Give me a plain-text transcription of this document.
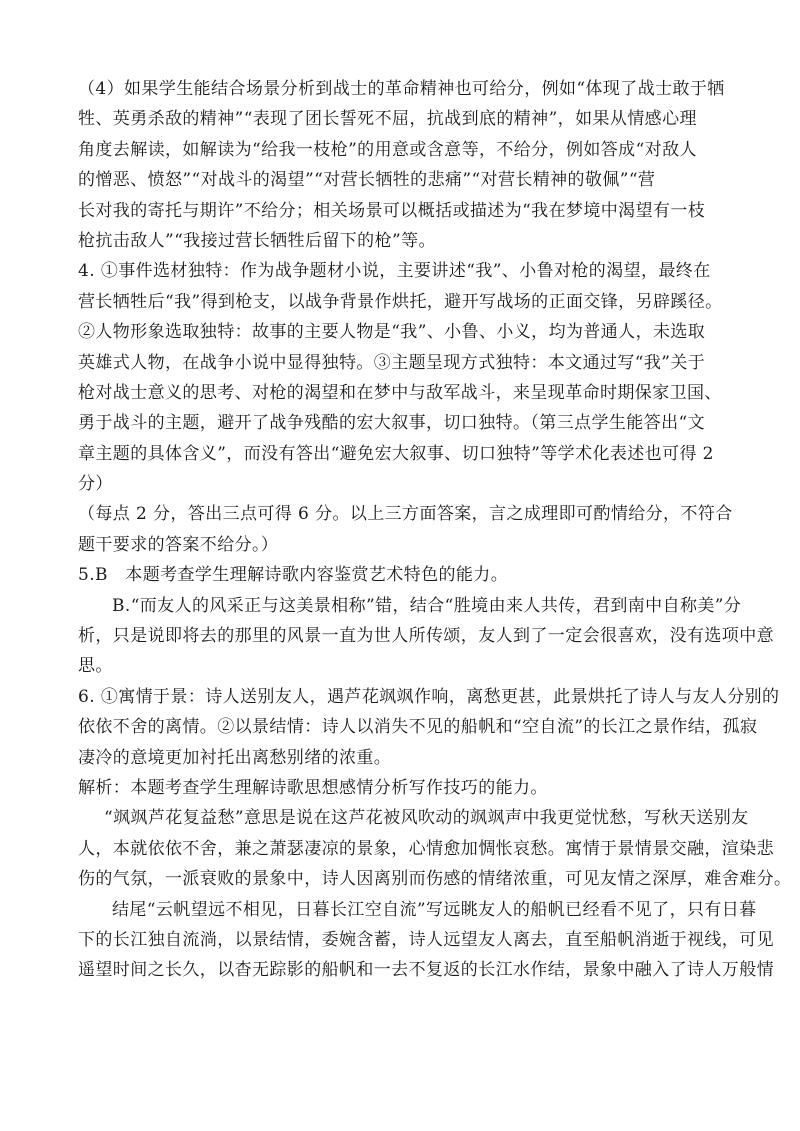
（4）如果学生能结合场景分析到战士的革命精神也可给分，例如“体现了战士敢于牺
牲、英勇杀敌的精神”“表现了团长誓死不屈，抗战到底的精神”，如果从情感心理
角度去解读，如解读为“给我一枝枪”的用意或含意等，不给分，例如答成“对敌人
的憎恶、愤怒”“对战斗的渴望”“对营长牺牲的悲痛”“对营长精神的敬佩”“营
长对我的寄托与期许”不给分；相关场景可以概括或描述为“我在梦境中渴望有一枝
枪抗击敌人”“我接过营长牺牲后留下的枪”等。
4. ①事件选材独特：作为战争题材小说，主要讲述“我”、小鲁对枪的渴望，最终在
营长牺牲后“我”得到枪支，以战争背景作烘托，避开写战场的正面交锋，另辟蹊径。
②人物形象选取独特：故事的主要人物是“我”、小鲁、小义，均为普通人，未选取
英雄式人物，在战争小说中显得独特。③主题呈现方式独特：本文通过写“我”关于
枪对战士意义的思考、对枪的渴望和在梦中与敌军战斗，来呈现革命时期保家卫国、
勇于战斗的主题，避开了战争残酷的宏大叙事，切口独特。（第三点学生能答出“文
章主题的具体含义”，而没有答出“避免宏大叙事、切口独特”等学术化表述也可得 2
分）
（每点 2 分，答出三点可得 6 分。以上三方面答案，言之成理即可酌情给分，不符合
题干要求的答案不给分。）
5.B　本题考查学生理解诗歌内容鉴赏艺术特色的能力。
B.“而友人的风采正与这美景相称”错，结合“胜境由来人共传，君到南中自称美”分
析，只是说即将去的那里的风景一直为世人所传颂，友人到了一定会很喜欢，没有选项中意
思。
6. ①寓情于景：诗人送别友人，遇芦花飒飒作响，离愁更甚，此景烘托了诗人与友人分别的
依依不舍的离情。②以景结情：诗人以消失不见的船帆和“空自流”的长江之景作结，孤寂
凄冷的意境更加衬托出离愁别绪的浓重。
解析：本题考查学生理解诗歌思想感情分析写作技巧的能力。
“飒飒芦花复益愁”意思是说在这芦花被风吹动的飒飒声中我更觉忧愁，写秋天送别友
人，本就依依不舍，兼之萧瑟凄凉的景象，心情愈加惆怅哀愁。寓情于景情景交融，渲染悲
伤的气氛，一派衰败的景象中，诗人因离别而伤感的情绪浓重，可见友情之深厚，难舍难分。
结尾“云帆望远不相见，日暮长江空自流”写远眺友人的船帆已经看不见了，只有日暮
下的长江独自流淌，以景结情，委婉含蓄，诗人远望友人离去，直至船帆消逝于视线，可见
遥望时间之长久，以杳无踪影的船帆和一去不复返的长江水作结，景象中融入了诗人万般情
